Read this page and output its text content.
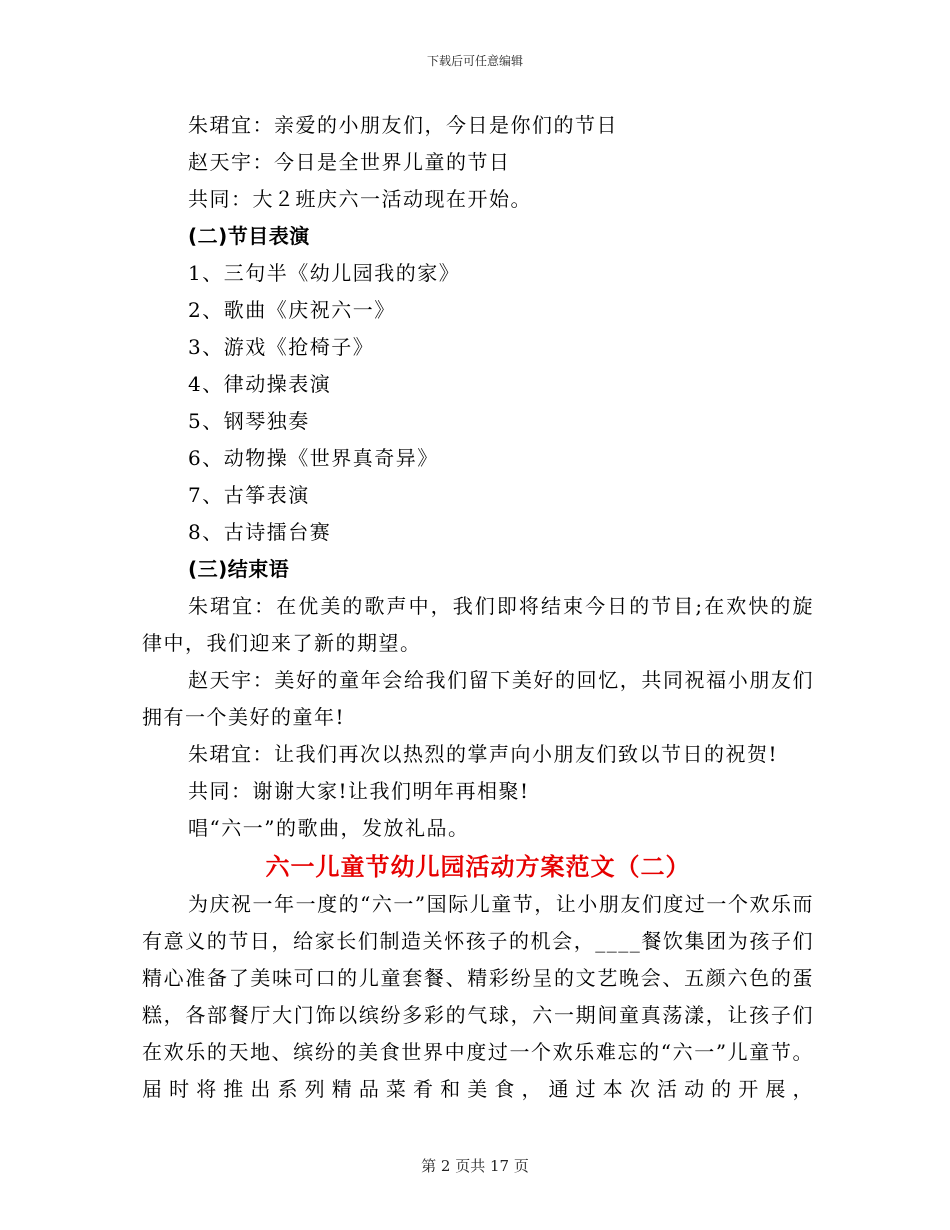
下载后可任意编辑
朱珺宜：亲爱的小朋友们，今日是你们的节日
赵天宇：今日是全世界儿童的节日
共同：大２班庆六一活动现在开始。
(二)节目表演
1、三句半《幼儿园我的家》
2、歌曲《庆祝六一》
3、游戏《抢椅子》
4、律动操表演
5、钢琴独奏
6、动物操《世界真奇异》
7、古筝表演
8、古诗擂台赛
(三)结束语
朱珺宜：在优美的歌声中，我们即将结束今日的节目;在欢快的旋律中，我们迎来了新的期望。
赵天宇：美好的童年会给我们留下美好的回忆，共同祝福小朋友们拥有一个美好的童年!
朱珺宜：让我们再次以热烈的掌声向小朋友们致以节日的祝贺!
共同：谢谢大家!让我们明年再相聚!
唱“六一”的歌曲，发放礼品。
六一儿童节幼儿园活动方案范文（二）
为庆祝一年一度的“六一”国际儿童节，让小朋友们度过一个欢乐而有意义的节日，给家长们制造关怀孩子的机会，____餐饮集团为孩子们精心准备了美味可口的儿童套餐、精彩纷呈的文艺晚会、五颜六色的蛋糕，各部餐厅大门饰以缤纷多彩的气球，六一期间童真荡漾，让孩子们在欢乐的天地、缤纷的美食世界中度过一个欢乐难忘的“六一”儿童节。届时将推出系列精品菜肴和美食，通过本次活动的开展，
第 2 页共 17 页
